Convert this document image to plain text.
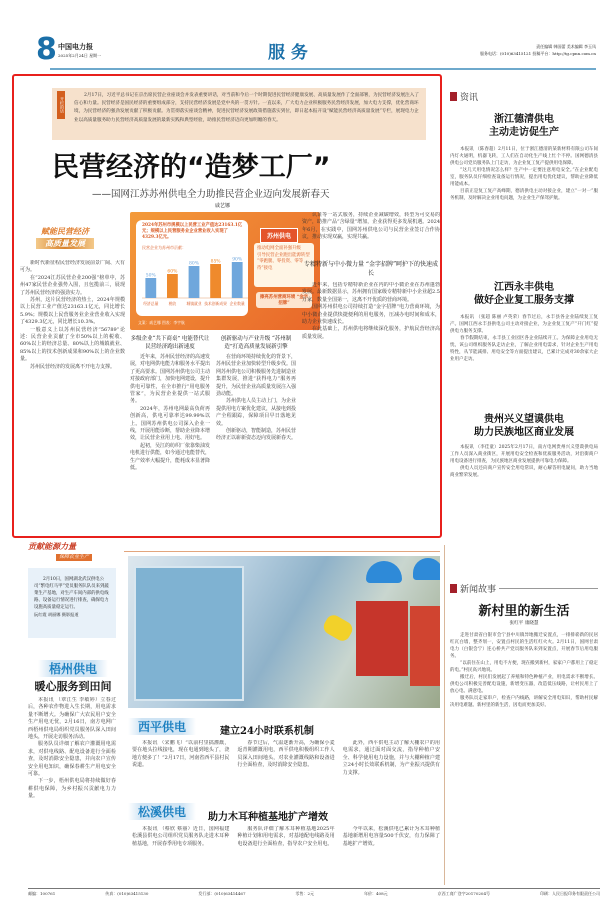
8 中国电力报
2025年2月24日 星期一	服 务	责任编辑 韩国蕾 美术编辑 李玉凤
服务电话：(010)63415121 投稿平台：http://tg.cpnn.com.cn
开栏的话
2月17日，习近平总书记在京出席民营企业座谈会并发表重要讲话，对当前和今后一个时期促进民营经济健康发展、高质量发展作了全面部署，为民营经济发展注入了信心和力量。民营经济是国民经济的重要组成部分，支持民营经济发展是党中央的一贯方针。一直以来，广大电力企业积极服务民营经济发展，加大电力支撑，优化营商环境，为民营经济的强劲发展贡献了积极贡献。为贯彻落实座谈会精神，促进民营经济发展政策措施落实到位，即日起本报开设“赋能民营经济高质量发展”专栏，展现电力企业以高质量服务助力民营经济高质量发展的最新实践和典型经验，助推民营经济迈向更加明媚的春天。
民营经济的“造梦工厂”
——国网江苏苏州供电全力助推民营企业迈向发展新春天
戚艺娜
赋能民营经济
高质量发展

新时代新征程民营经济发展前景广阔、大有可为。

在“2024江苏民营企业200强”榜单中，苏州47家民营企业强势入围，且包揽前三，展现了苏州民营经济的强劲实力。

苏州，这片民营经济的热土，2024年规模以上民营工业产值达23163.1亿元，同比增长5.9%；规模以上民营服务业企业营业收入实现了4329.3亿元，同比增长10.3%。

一般意义上以苏州民营经济“56789”论述：民营企业贡献了全市50%以上的税收、60%以上的经济总量、80%以上的城镇就业、85%以上的技术创新成果和90%以上的企业数量。

苏州民营经济的发展离不开电力支撑。

2024年苏州市规模以上民营工业产值达23163.1亿元；规模以上民营服务业企业营业收入实现了4329.3亿元。
民营企业为苏州市贡献：
50%
经济总量
60%
税收
80%
城镇就业
85%
技术创新成果
90%
企业数量
苏州供电
推动电网全面补强升级
引导民营企业跑出能源转型
“零跑腿、零投资、零等待”接电
擦亮苏州营商环境 “金字招牌”
文案：戚艺娜 图表：李宇航

认证等一站式服务，持续企业减碳增效，转型为可交易的资产，助推产品“含绿量”增加，企业获得更多发展机遇。2024年6月，在实践中，国网苏州供电公司与民营企业签订合作协议，推动实现双赢，实现共赢。

专精特新与中小微力量 “金字招牌”呵护下的快速成长

近年来，包括专精特新企业在内的中小微企业在苏州蓬勃发展。最新数据显示，苏州拥有国家级专精特新中小企业超2.5万家，数量全国第一，这离不开优质的营商环境。

国网苏州供电公司持续打造“金字招牌”电力营商环境，为中小微企业提供快捷便利的用电服务，压减办电时间和成本，助力企业快速成长。

在此基础上，苏州供电将继续深化服务，护航民营经济高质量发展。

多级企业“共下商桌” 电能替代让民营经济跑出新速度

近年来，苏州民营经济的高速发展，对电网供电能力和服务水平提出了更高要求。国网苏州供电公司主动对接政府部门，加快电网建设，提升供电可靠性，在全市推行“用电服务管家”，为民营企业提供一站式服务。

2024年，苏州电网最高负荷再创新高，供电可靠率达99.99%以上。国网苏州供电公司深入企业一线，开展用能诊断，帮助企业降本增效，让民营企业用上电、用好电。

起初，吴江的纺织厂依靠柴油发电机进行供能，如今通过电能替代，生产效率大幅提升，能耗成本显著降低。

创新驱动与产业升级 “苏州制造”打造高质量发展新引擎

在营商环境持续优化的背景下，苏州民营企业加快转型升级步伐。国网苏州供电公司积极服务先进制造业集群发展，推进“获得电力”服务再提升，为民营企业高质量发展注入强劲动能。

苏州供电人员主动上门，为企业提供用电方案优化建议，从接电到投产全程跟踪，保障项目早日落地见效。

创新驱动，智能制造，苏州民营经济正以崭新姿态迈向发展新春天。

贡献能源力量
保障农业生产
2月10日，国网湖北武汉供电公司“繁电红马甲”党员服务队队员来到蔬菜生产基地，对生产车间内部的供电线路、设备运行情况进行排查，确保电力设施高质量稳定运行。
阮红霞 胡丽娜 摄影报道
梧州供电
暖心服务到田间

本报讯 （覃江生 李敏婷）立春过后，各种农作物进入生长期，用电需求量不断增大。为确保广大农民用户安全生产用电无忧，2月16日，南方电网广西梧州供电局组织党员服务队深入田间地头，开展走访服务活动。

服务队员详细了解农户灌溉用电需求，对供电线路、配电设备进行全面检查，及时消除安全隐患，并向农户宣传安全用电知识，确保春耕生产用电安全可靠。

下一步，梧州供电局将持续做好春耕供电保障，为乡村振兴贡献电力力量。

西平供电	建立24小时联系机制

本报讯 （宋鹏飞）“以前村里搞灌溉，要在地头拉线接电，现在电通到地头了，浇地方便多了！”2月17日，河南省西平县村民说道。

春节过后，气温逐渐升高，为确保小麦返青期灌溉用电，西平供电积极组织工作人员深入田间地头，对农业灌溉线路和设备进行全面检查，及时消除安全隐患。

此外，西平供电主动了解大棚农户的用电需求，通过面对面交流，指导种植户安全、科学使用电力设施，并与大棚种植户建立24小时长效联系机制，为产业振兴提供有力支撑。

松溪供电	助力木耳种植基地扩产增效

本报讯 （蔡欣 蔡丽）近日，国网福建松溪县供电公司组织党员服务队走进木耳种植基地，开展春季用电专项服务。

服务队详细了解木耳种植基地2025年种植计划和用电需求，对基地配电线路及用电设备进行全面检查，指导农户安全用电。

今年以来，松溪供电已累计为木耳种植基地新增用电容量500千伏安，有力保障了基地扩产增效。

资讯
浙江德清供电
主动走访促生产

本报讯 （陈春超）2月11日，位于浙江德清的某新材料有限公司车间内灯火通明，机器飞转，工人们在自动化生产线上忙个不停。国网德清县供电公司党员服务队上门走访，为企业复工复产提供用电保障。

“这几天用电情况怎么样？生产中一定要注意用电安全。”在企业配电室，服务队员仔细检查设备运行情况，提出用电优化建议，帮助企业降低用能成本。

目前正是复工复产高峰期，德清供电主动对接企业，建立“一对一”服务机制，及时解决企业用电问题，为企业生产保驾护航。

江西永丰供电
做好企业复工服务支撑

本报讯 （张超 陈丽 卢英荣）春节过后，永丰县各企业陆续复工复产。国网江西永丰县供电公司主动对接企业，为企业复工复产“开门红”提供电力服务支撑。

春节假期结束，永丰县工业园区各企业陆续开工。为保障企业用电无忧，该公司组织服务队走访企业，了解企业用电需求，针对企业生产用电特性，从节能减排、用电安全等方面提出建议，已累计完成对30余家大企业用户走访。

贵州兴义望谟供电
助力民族地区商业发展

本报讯 （李佳童）2025年2月17日，南方电网贵州兴义望谟供电局工作人员深入商业街区，开展用电安全检查和优质服务活动，对沿街商户用电设备进行排查，为民族地区商业发展提供可靠电力保障。

供电人员还向商户宣传安全用电常识，耐心解答用电疑问，助力当地商业繁荣发展。

新闻故事
新村里的新生活
张红平 康晓慧

走进甘肃省白银市会宁县中川镇异地搬迁安置点，一排排崭新的民居红瓦白墙，整齐划一，安置点村民的生活红红火火。2月11日，国网甘肃电力（白银会宁）连心桥共产党员服务队来到安置点，开展春节后用电服务。

“以前住在山上，用电不方便，现在搬到新村，家家户户都用上了稳定的电。”村民高兴地说。

搬迁后，村民们发展起了养殖和特色种植产业，用电需求不断增长。供电公司积极完善配电设施，新增变压器，改造低压线路，让村民用上了放心电、满意电。

服务队员走家串户，检查户内线路，讲解安全用电知识，帮助村民解决用电难题。新村里的新生活，因电而更加美好。

邮编：100761	传真：(010)63415130	发行部：(010)63414467	零售：2元	年价：408元	京西工商广登字20170204号	印刷：人民日报印务有限责任公司
